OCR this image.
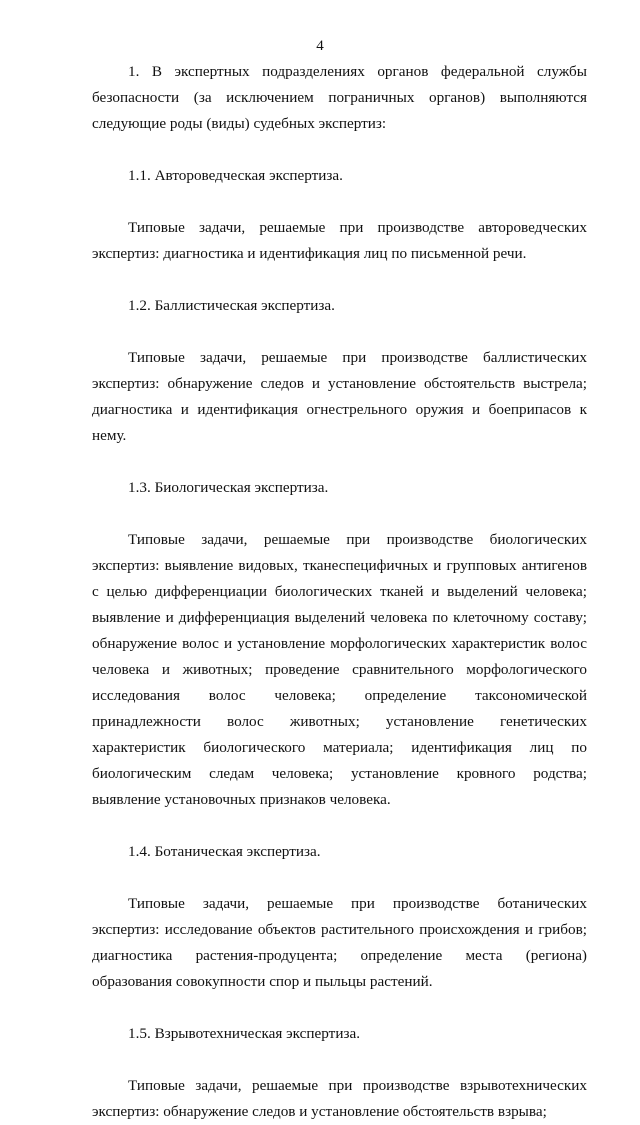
4

1. В экспертных подразделениях органов федеральной службы безопасности (за исключением пограничных органов) выполняются следующие роды (виды) судебных экспертиз:

1.1. Автороведческая экспертиза.

Типовые задачи, решаемые при производстве автороведческих экспертиз: диагностика и идентификация лиц по письменной речи.

1.2. Баллистическая экспертиза.

Типовые задачи, решаемые при производстве баллистических экспертиз: обнаружение следов и установление обстоятельств выстрела; диагностика и идентификация огнестрельного оружия и боеприпасов к нему.

1.3. Биологическая экспертиза.

Типовые задачи, решаемые при производстве биологических экспертиз: выявление видовых, тканеспецифичных и групповых антигенов с целью дифференциации биологических тканей и выделений человека; выявление и дифференциация выделений человека по клеточному составу; обнаружение волос и установление морфологических характеристик волос человека и животных; проведение сравнительного морфологического исследования волос человека; определение таксономической принадлежности волос животных; установление генетических характеристик биологического материала; идентификация лиц по биологическим следам человека; установление кровного родства; выявление установочных признаков человека.

1.4. Ботаническая экспертиза.

Типовые задачи, решаемые при производстве ботанических экспертиз: исследование объектов растительного происхождения и грибов; диагностика растения-продуцента; определение места (региона) образования совокупности спор и пыльцы растений.

1.5. Взрывотехническая экспертиза.

Типовые задачи, решаемые при производстве взрывотехнических экспертиз: обнаружение следов и установление обстоятельств взрыва;
